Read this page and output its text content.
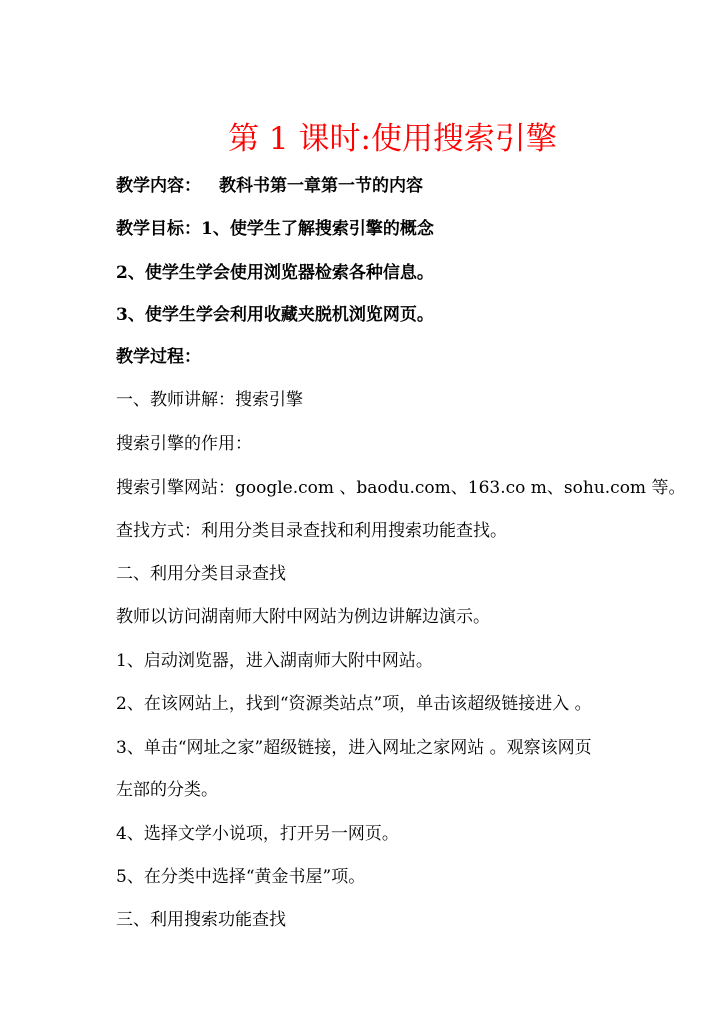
第 1 课时:使用搜索引擎
教学内容： 教科书第一章第一节的内容
教学目标：1、使学生了解搜索引擎的概念
2、使学生学会使用浏览器检索各种信息。
3、使学生学会利用收藏夹脱机浏览网页。
教学过程：
一、教师讲解：搜索引擎
搜索引擎的作用：
搜索引擎网站：google.com 、baodu.com、163.co m、sohu.com 等。
查找方式：利用分类目录查找和利用搜索功能查找。
二、利用分类目录查找
教师以访问湖南师大附中网站为例边讲解边演示。
1、启动浏览器，进入湖南师大附中网站。
2、在该网站上，找到“资源类站点”项，单击该超级链接进入 。
3、单击“网址之家”超级链接，进入网址之家网站 。观察该网页
左部的分类。
4、选择文学小说项，打开另一网页。
5、在分类中选择“黄金书屋”项。
三、利用搜索功能查找
